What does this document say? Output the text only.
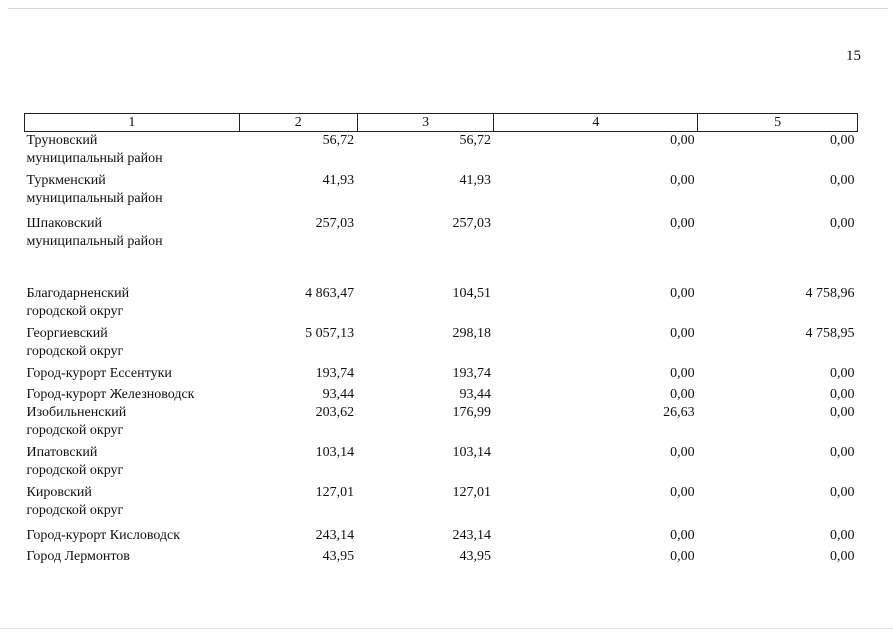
15
1	2	3	4	5
Труновский
муниципальный район	56,72	56,72	0,00	0,00
Туркменский
муниципальный район	41,93	41,93	0,00	0,00
Шпаковский
муниципальный район	257,03	257,03	0,00	0,00

Благодарненский
городской округ	4 863,47	104,51	0,00	4 758,96
Георгиевский
городской округ	5 057,13	298,18	0,00	4 758,95
Город-курорт Ессентуки	193,74	193,74	0,00	0,00
Город-курорт Железноводск	93,44	93,44	0,00	0,00
Изобильненский
городской округ	203,62	176,99	26,63	0,00
Ипатовский
городской округ	103,14	103,14	0,00	0,00
Кировский
городской округ	127,01	127,01	0,00	0,00
Город-курорт Кисловодск	243,14	243,14	0,00	0,00
Город Лермонтов	43,95	43,95	0,00	0,00
